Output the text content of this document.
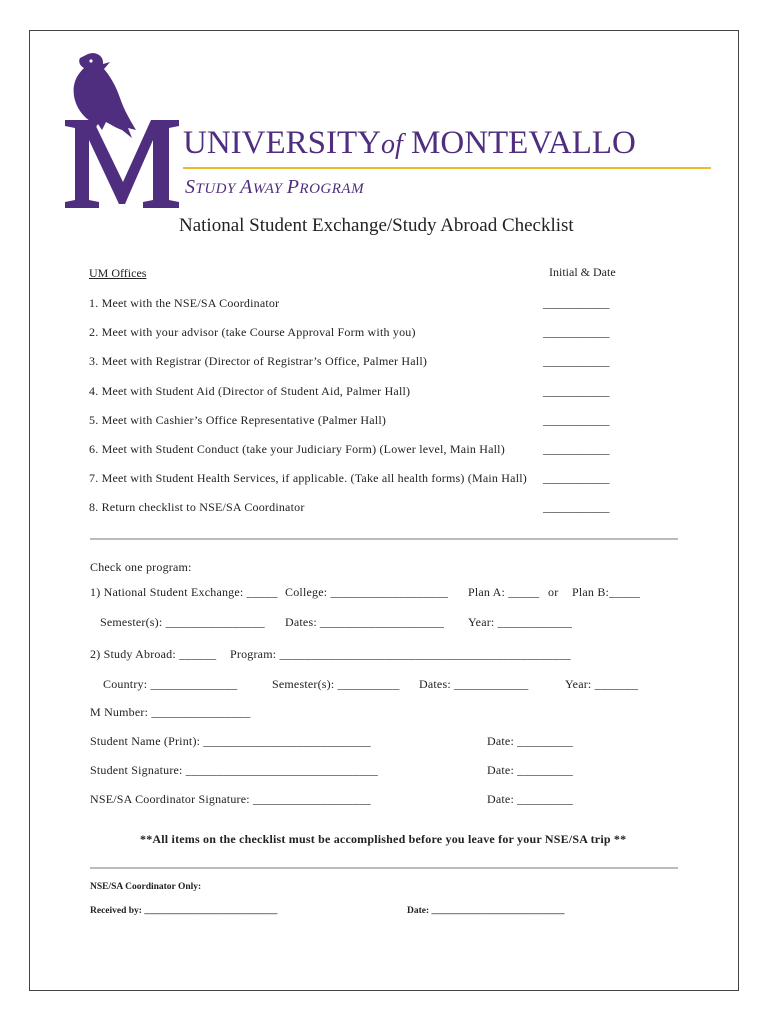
UNIVERSITYof MONTEVALLO
STUDY AWAY PROGRAM
National Student Exchange/Study Abroad Checklist
UM Offices	Initial & Date
1. Meet with the NSE/SA Coordinator	____________
2. Meet with your advisor (take Course Approval Form with you)	____________
3. Meet with Registrar (Director of Registrar’s Office, Palmer Hall)	____________
4. Meet with Student Aid (Director of Student Aid, Palmer Hall)	____________
5. Meet with Cashier’s Office Representative (Palmer Hall)	____________
6. Meet with Student Conduct (take your Judiciary Form) (Lower level, Main Hall)	____________
7. Meet with Student Health Services, if applicable. (Take all health forms) (Main Hall) ____________
8. Return checklist to NSE/SA Coordinator	____________
Check one program:
1) National Student Exchange: _____ College: ___________________ Plan A: _____ or Plan B:_____
Semester(s): ________________ Dates: ____________________ Year: ____________
2) Study Abroad: ______ Program: _______________________________________________
Country: ______________	Semester(s): __________ Dates: ____________	Year: _______
M Number: ________________
Student Name (Print): ___________________________	Date: _________
Student Signature: _______________________________	Date: _________
NSE/SA Coordinator Signature: ___________________	Date: _________
**All items on the checklist must be accomplished before you leave for your NSE/SA trip **
NSE/SA Coordinator Only:
Received by: ____________________________	Date: ____________________________
